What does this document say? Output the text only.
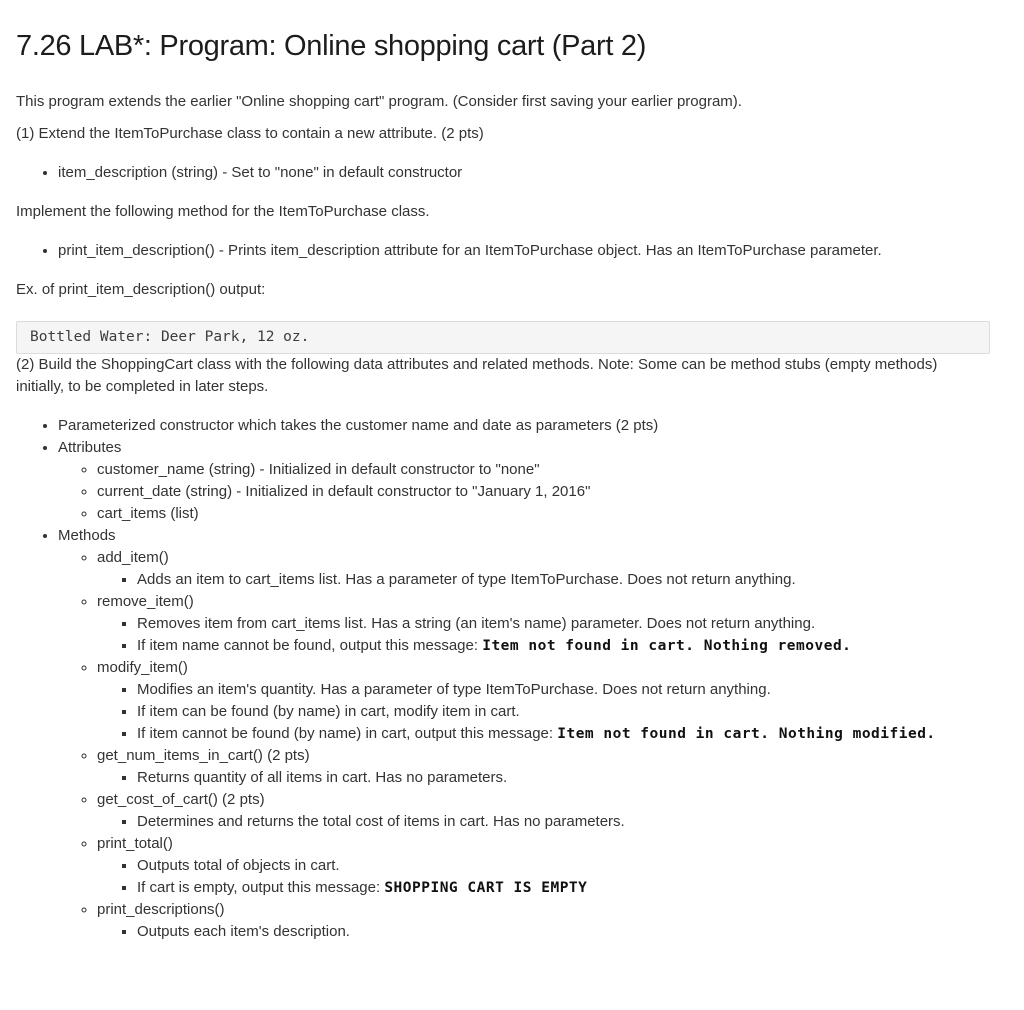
7.26 LAB*: Program: Online shopping cart (Part 2)

This program extends the earlier "Online shopping cart" program. (Consider first saving your earlier program).

(1) Extend the ItemToPurchase class to contain a new attribute. (2 pts)

• item_description (string) - Set to "none" in default constructor

Implement the following method for the ItemToPurchase class.

• print_item_description() - Prints item_description attribute for an ItemToPurchase object. Has an ItemToPurchase parameter.

Ex. of print_item_description() output:

Bottled Water: Deer Park, 12 oz.

(2) Build the ShoppingCart class with the following data attributes and related methods. Note: Some can be method stubs (empty methods) initially, to be completed in later steps.

• Parameterized constructor which takes the customer name and date as parameters (2 pts)
• Attributes
◦ customer_name (string) - Initialized in default constructor to "none"
◦ current_date (string) - Initialized in default constructor to "January 1, 2016"
◦ cart_items (list)
• Methods
◦ add_item()
▪ Adds an item to cart_items list. Has a parameter of type ItemToPurchase. Does not return anything.
◦ remove_item()
▪ Removes item from cart_items list. Has a string (an item's name) parameter. Does not return anything.
▪ If item name cannot be found, output this message: Item not found in cart. Nothing removed.
◦ modify_item()
▪ Modifies an item's quantity. Has a parameter of type ItemToPurchase. Does not return anything.
▪ If item can be found (by name) in cart, modify item in cart.
▪ If item cannot be found (by name) in cart, output this message: Item not found in cart. Nothing modified.
◦ get_num_items_in_cart() (2 pts)
▪ Returns quantity of all items in cart. Has no parameters.
◦ get_cost_of_cart() (2 pts)
▪ Determines and returns the total cost of items in cart. Has no parameters.
◦ print_total()
▪ Outputs total of objects in cart.
▪ If cart is empty, output this message: SHOPPING CART IS EMPTY
◦ print_descriptions()
▪ Outputs each item's description.
